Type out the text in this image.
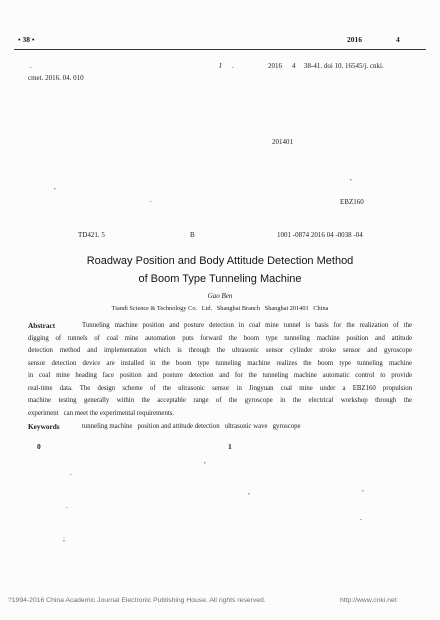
• 38 •	2016	4
.	J .	2016 4 38-41. doi 10. 16545/j. cnki.
cmet. 2016. 04. 010
201401
,
,
.	EBZ160
TD421. 5	B	1001 -0874 2016 04 -0038 -04
Roadway Position and Body Attitude Detection Method
of Boom Type Tunneling Machine
Gao Ben
Tiandi Science & Technology Co.   Ltd.   Shanghai Branch   Shanghai 201401   China
Abstract	Tunneling machine position and posture detection in coal mine tunnel is basis for the realization of the
digging of tunnels of coal mine automation puts forward the boom type tunneling machine position and attitude
detection method and implementation which is through the ultrasonic sensor cylinder stroke sensor and gyroscope
sensor detection device are installed in the boom type tunneling machine realizes the boom type tunneling machine
in coal mine heading face position and posture detection and for the tunneling machine automatic control to provide
real-time data. The design scheme of the ultrasonic sensor in Jingyuan coal mine under a EBZ160 propulsion
machine testing generally within the acceptable range of the gyroscope in the electrical workshop through the
experiment   can meet the experimental requirements.
Keywords	tunneling machine   position and attitude detection   ultrasonic wave   gyroscope
0	1
,
.
,	,
.
.
;
?1994-2016 China Academic Journal Electronic Publishing House. All rights reserved.	http://www.cnki.net
